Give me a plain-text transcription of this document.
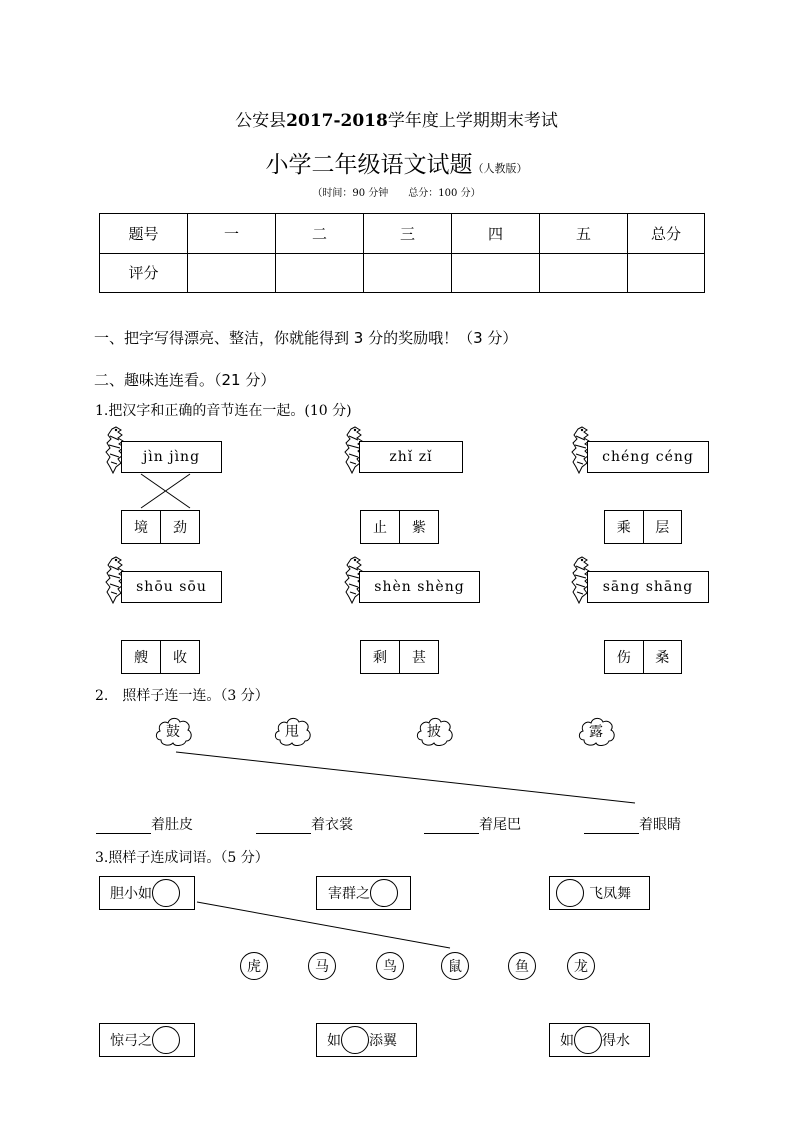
公安县2017-2018学年度上学期期末考试
小学二年级语文试题（人教版）
（时间：90 分钟　　总分：100 分）
题号	一	二	三	四	五	总分
评分						
一、把字写得漂亮、整洁，你就能得到 3 分的奖励哦！（3 分）
二、趣味连连看。（21 分）
1.把汉字和正确的音节连在一起。(10 分)
jìn jìng	zhǐ zǐ	chéng céng
shōu sōu	shèn shèng	sāng shāng
境	劲	止	紫	乘	层
艘	收	剩	甚	伤	桑
2.　照样子连一连。（3 分）
鼓	甩	披	露
着肚皮	着衣裳	着尾巴	着眼睛
3.照样子连成词语。（5 分）
胆小如	害群之	飞凤舞
虎	马	鸟	鼠	鱼	龙
惊弓之	如 添翼	如 得水
